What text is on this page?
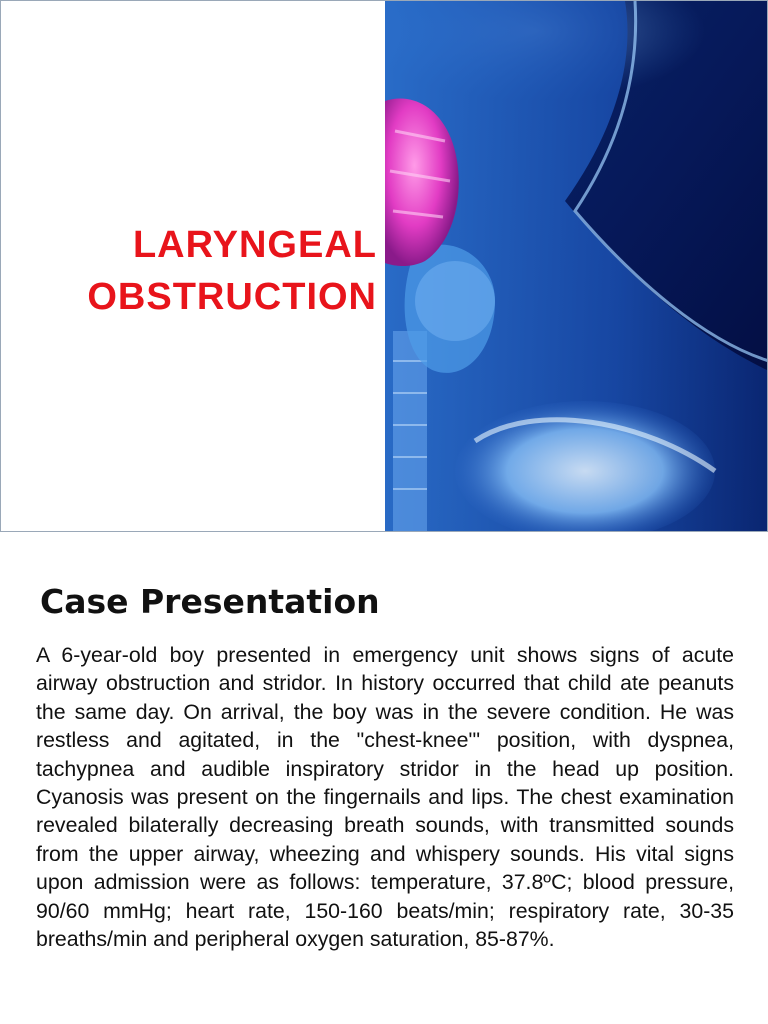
LARYNGEAL
OBSTRUCTION
Case Presentation

A 6-year-old boy presented in emergency unit shows signs of acute airway obstruction and stridor. In history occurred that child ate peanuts the same day. On arrival, the boy was in the severe condition. He was restless and agitated, in the "chest-knee'" position, with dyspnea, tachypnea and audible inspiratory stridor in the head up position. Cyanosis was present on the fingernails and lips. The chest examination revealed bilaterally decreasing breath sounds, with transmitted sounds from the upper airway, wheezing and whispery sounds. His vital signs upon admission were as follows: temperature, 37.8ºC; blood pressure, 90/60 mmHg; heart rate, 150-160 beats/min; respiratory rate, 30-35 breaths/min and peripheral oxygen saturation, 85-87%.
